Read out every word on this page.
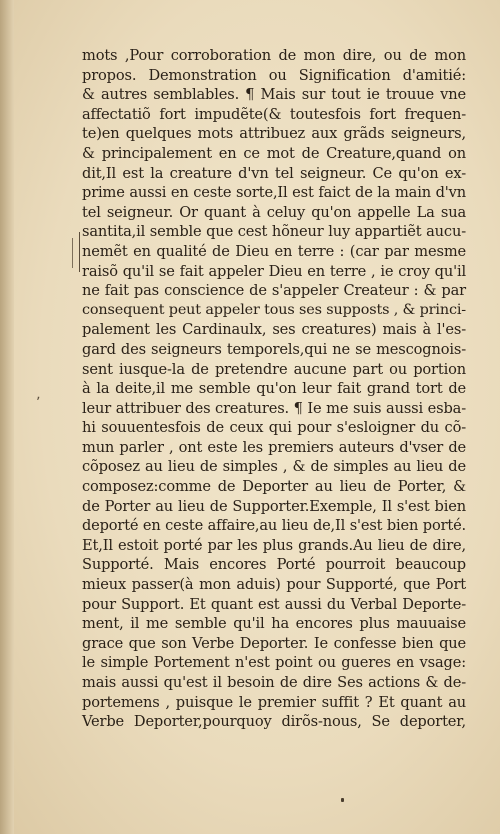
ʼ
mots ,Pour corroboration de mon dire, ou de mon
propos. Demonstration ou Signification d'amitié:
& autres semblables. ¶ Mais sur tout ie trouue vne
affectatiõ fort impudẽte(& toutesfois fort frequen-
te)en quelques mots attribuez aux grãds seigneurs,
& principalement en ce mot de Creature,quand on
dit,Il est la creature d'vn tel seigneur. Ce qu'on ex-
prime aussi en ceste sorte,Il est faict de la main d'vn
tel seigneur. Or quant à celuy qu'on appelle La sua
santita,il semble que cest hõneur luy appartiẽt aucu-
nemẽt en qualité de Dieu en terre : (car par mesme
raisõ qu'il se fait appeler Dieu en terre , ie croy qu'il
ne fait pas conscience de s'appeler Createur : & par
consequent peut appeler tous ses supposts , & princi-
palement les Cardinaulx, ses creatures) mais à l'es-
gard des seigneurs temporels,qui ne se mescognois-
sent iusque-la de pretendre aucune part ou portion
à la deite,il me semble qu'on leur fait grand tort de
leur attribuer des creatures. ¶ Ie me suis aussi esba-
hi souuentesfois de ceux qui pour s'esloigner du cõ-
mun parler , ont este les premiers auteurs d'vser de
cõposez au lieu de simples , & de simples au lieu de
composez:comme de Deporter au lieu de Porter, &
de Porter au lieu de Supporter.Exemple, Il s'est bien
deporté en ceste affaire,au lieu de,Il s'est bien porté.
Et,Il estoit porté par les plus grands.Au lieu de dire,
Supporté. Mais encores Porté pourroit beaucoup
mieux passer(à mon aduis) pour Supporté, que Port
pour Support. Et quant est aussi du Verbal Deporte-
ment, il me semble qu'il ha encores plus mauuaise
grace que son Verbe Deporter. Ie confesse bien que
le simple Portement n'est point ou gueres en vsage:
mais aussi qu'est il besoin de dire Ses actions & de-
portemens , puisque le premier suffit ? Et quant au
Verbe Deporter,pourquoy dirõs-nous, Se deporter,
